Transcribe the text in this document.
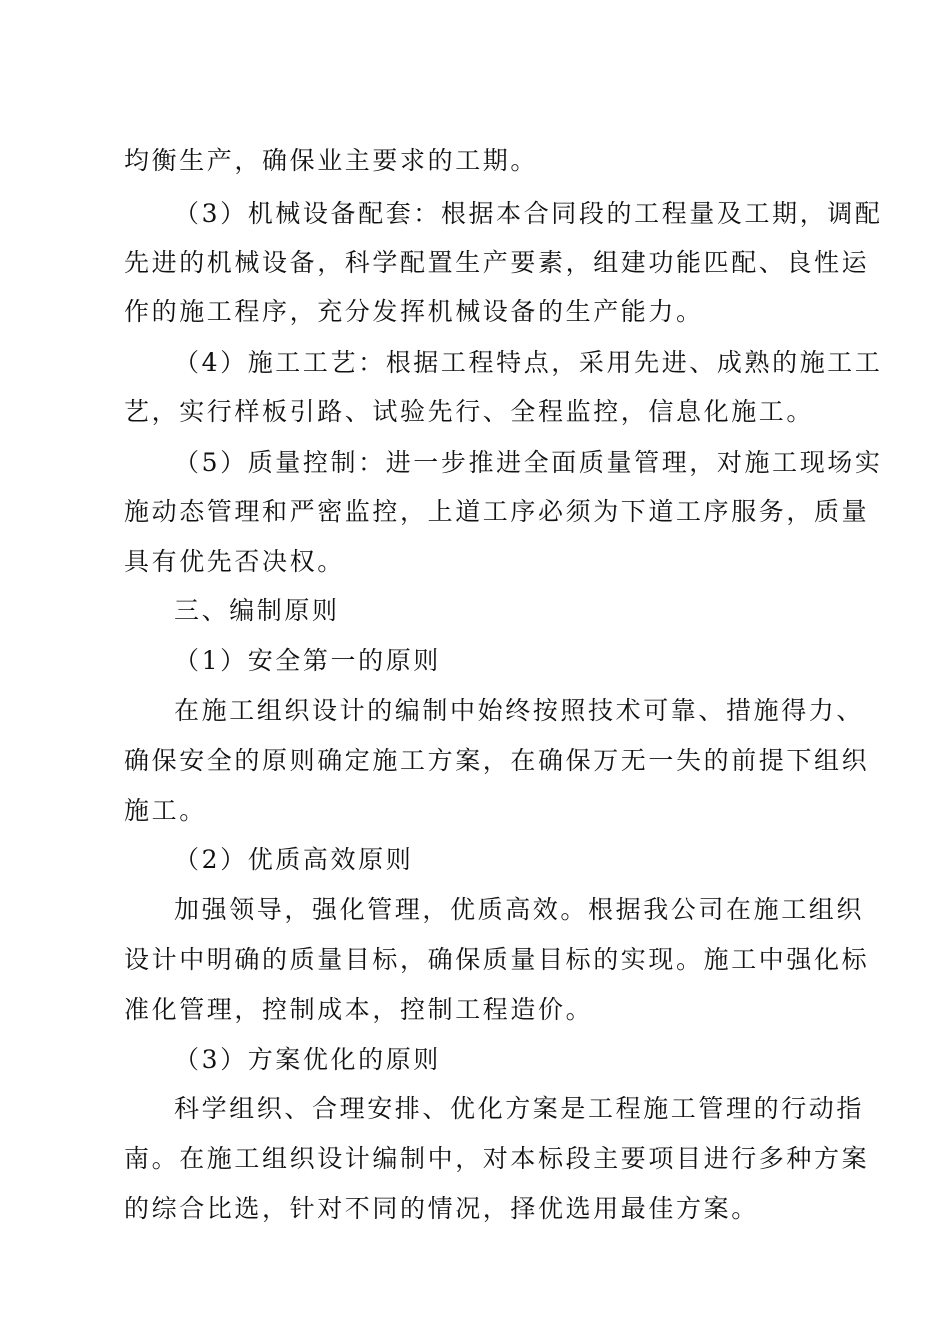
均衡生产，确保业主要求的工期。
（3）机械设备配套：根据本合同段的工程量及工期，调配
先进的机械设备，科学配置生产要素，组建功能匹配、良性运
作的施工程序，充分发挥机械设备的生产能力。
（4）施工工艺：根据工程特点，采用先进、成熟的施工工
艺，实行样板引路、试验先行、全程监控，信息化施工。
（5）质量控制：进一步推进全面质量管理，对施工现场实
施动态管理和严密监控，上道工序必须为下道工序服务，质量
具有优先否决权。
三、编制原则
（1）安全第一的原则
在施工组织设计的编制中始终按照技术可靠、措施得力、
确保安全的原则确定施工方案，在确保万无一失的前提下组织
施工。
（2）优质高效原则
加强领导，强化管理，优质高效。根据我公司在施工组织
设计中明确的质量目标，确保质量目标的实现。施工中强化标
准化管理，控制成本，控制工程造价。
（3）方案优化的原则
科学组织、合理安排、优化方案是工程施工管理的行动指
南。在施工组织设计编制中，对本标段主要项目进行多种方案
的综合比选，针对不同的情况，择优选用最佳方案。
